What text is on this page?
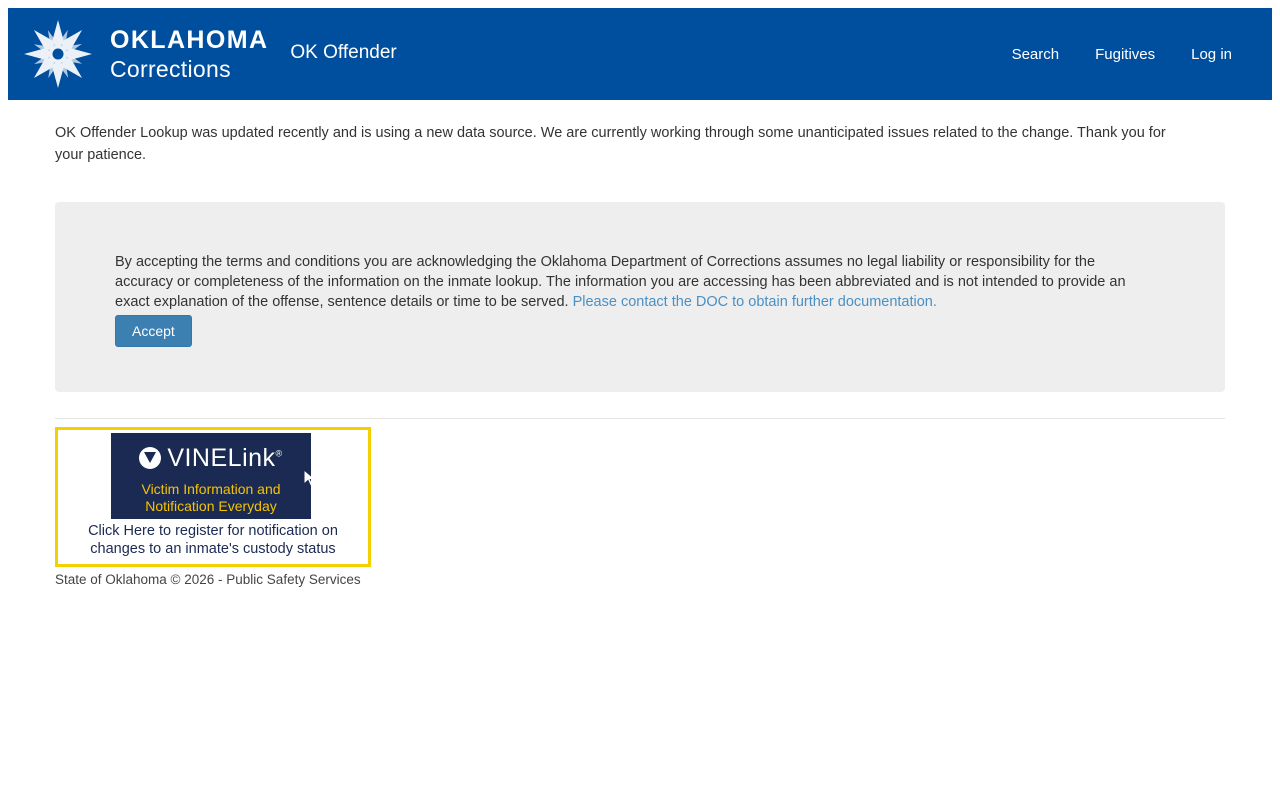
OKLAHOMA
Corrections
OK Offender	Search	Fugitives	Log in
OK Offender Lookup was updated recently and is using a new data source. We are currently working through some unanticipated issues related to the change. Thank you for your patience.
By accepting the terms and conditions you are acknowledging the Oklahoma Department of Corrections assumes no legal liability or responsibility for the accuracy or completeness of the information on the inmate lookup. The information you are accessing has been abbreviated and is not intended to provide an exact explanation of the offense, sentence details or time to be served. Please contact the DOC to obtain further documentation.
Accept
VINELink®
Victim Information and
Notification Everyday
Click Here to register for notification on
changes to an inmate's custody status
State of Oklahoma © 2026 - Public Safety Services
